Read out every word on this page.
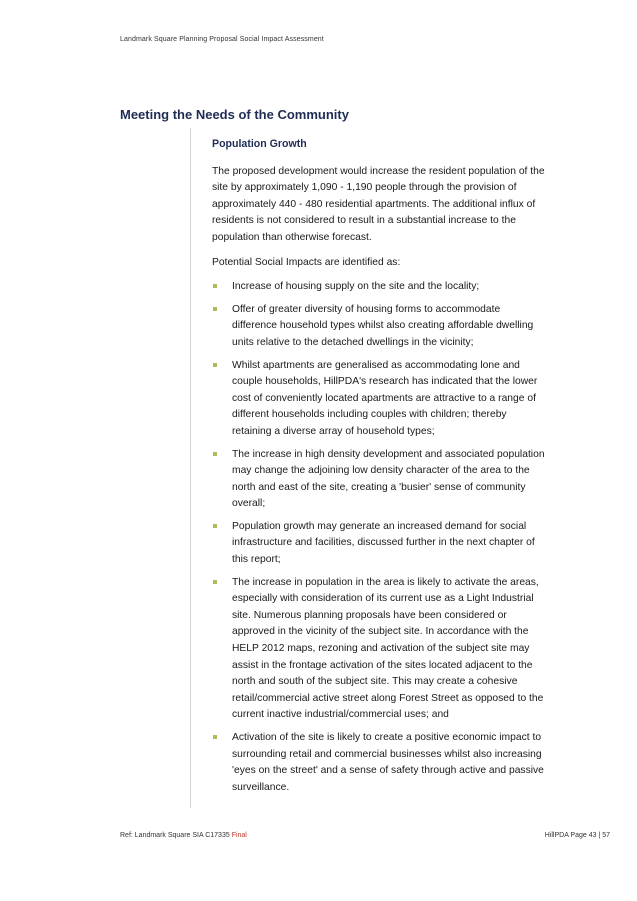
Landmark Square Planning Proposal Social Impact Assessment
Meeting the Needs of the Community
Population Growth

The proposed development would increase the resident population of the site by approximately 1,090 - 1,190 people through the provision of approximately 440 - 480 residential apartments. The additional influx of residents is not considered to result in a substantial increase to the population than otherwise forecast.

Potential Social Impacts are identified as:

Increase of housing supply on the site and the locality;
Offer of greater diversity of housing forms to accommodate difference household types whilst also creating affordable dwelling units relative to the detached dwellings in the vicinity;
Whilst apartments are generalised as accommodating lone and couple households, HillPDA's research has indicated that the lower cost of conveniently located apartments are attractive to a range of different households including couples with children; thereby retaining a diverse array of household types;
The increase in high density development and associated population may change the adjoining low density character of the area to the north and east of the site, creating a 'busier' sense of community overall;
Population growth may generate an increased demand for social infrastructure and facilities, discussed further in the next chapter of this report;
The increase in population in the area is likely to activate the areas, especially with consideration of its current use as a Light Industrial site. Numerous planning proposals have been considered or approved in the vicinity of the subject site. In accordance with the HELP 2012 maps, rezoning and activation of the subject site may assist in the frontage activation of the sites located adjacent to the north and south of the subject site. This may create a cohesive retail/commercial active street along Forest Street as opposed to the current inactive industrial/commercial uses; and
Activation of the site is likely to create a positive economic impact to surrounding retail and commercial businesses whilst also increasing 'eyes on the street' and a sense of safety through active and passive surveillance.
Ref: Landmark Square SIA C17335 Final	HillPDA Page 43 | 57
